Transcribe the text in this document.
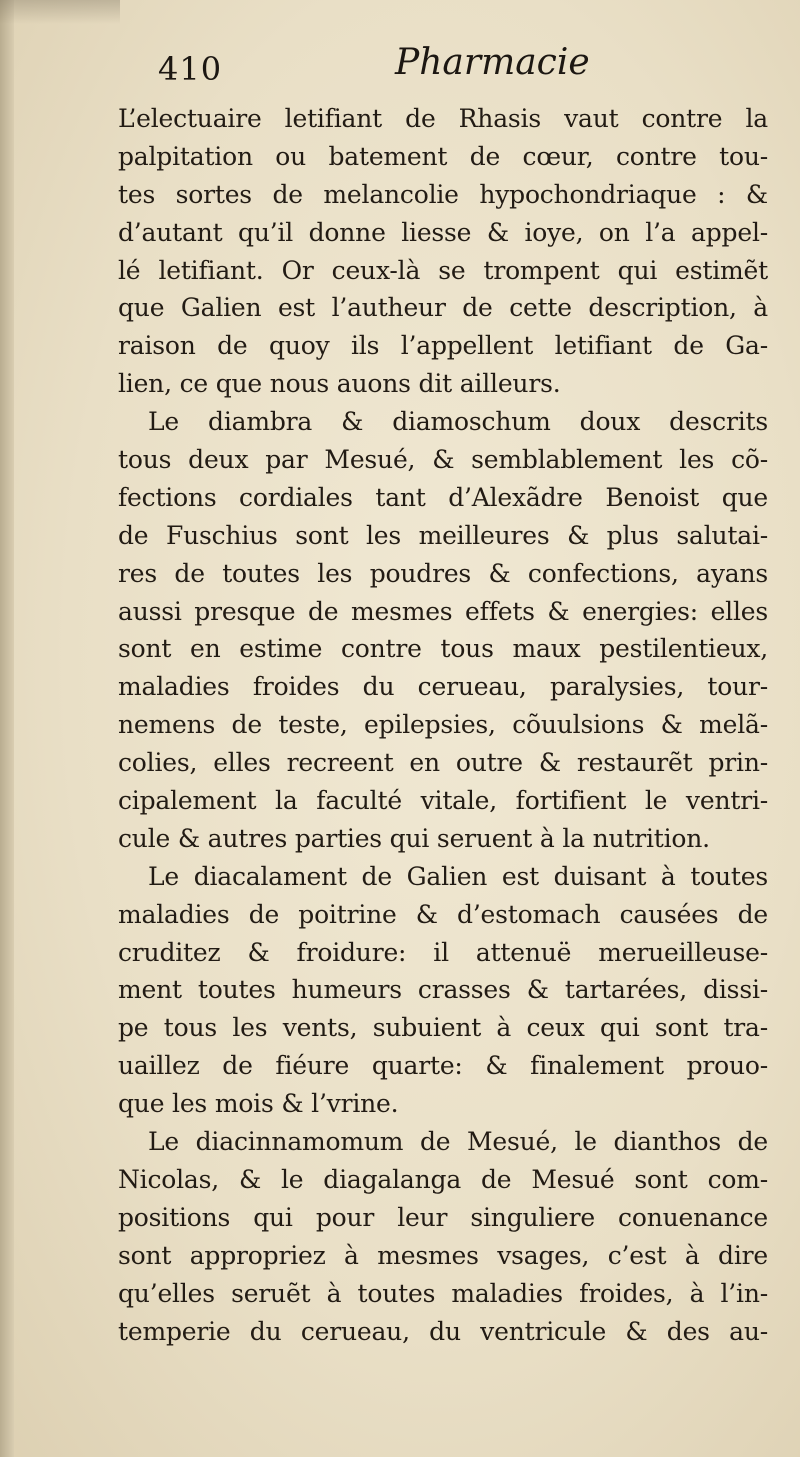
410	Pharmacie
L’electuaire letifiant de Rhasis vaut contre la
palpitation ou batement de cœur, contre tou-
tes sortes de melancolie hypochondriaque : &
d’autant qu’il donne liesse & ioye, on l’a appel-
lé letifiant. Or ceux-là se trompent qui estimẽt
que Galien est l’autheur de cette description, à
raison de quoy ils l’appellent letifiant de Ga-
lien, ce que nous auons dit ailleurs.
Le diambra & diamoschum doux descrits
tous deux par Mesué, & semblablement les cõ-
fections cordiales tant d’Alexãdre Benoist que
de Fuschius sont les meilleures & plus salutai-
res de toutes les poudres & confections, ayans
aussi presque de mesmes effets & energies: elles
sont en estime contre tous maux pestilentieux,
maladies froides du cerueau, paralysies, tour-
nemens de teste, epilepsies, cõuulsions & melã-
colies, elles recreent en outre & restaurẽt prin-
cipalement la faculté vitale, fortifient le ventri-
cule & autres parties qui seruent à la nutrition.
Le diacalament de Galien est duisant à toutes
maladies de poitrine & d’estomach causées de
cruditez & froidure: il attenuë merueilleuse-
ment toutes humeurs crasses & tartarées, dissi-
pe tous les vents, subuient à ceux qui sont tra-
uaillez de fiéure quarte: & finalement prouo-
que les mois & l’vrine.
Le diacinnamomum de Mesué, le dianthos de
Nicolas, & le diagalanga de Mesué sont com-
positions qui pour leur singuliere conuenance
sont appropriez à mesmes vsages, c’est à dire
qu’elles seruẽt à toutes maladies froides, à l’in-
temperie du cerueau, du ventricule & des au-
